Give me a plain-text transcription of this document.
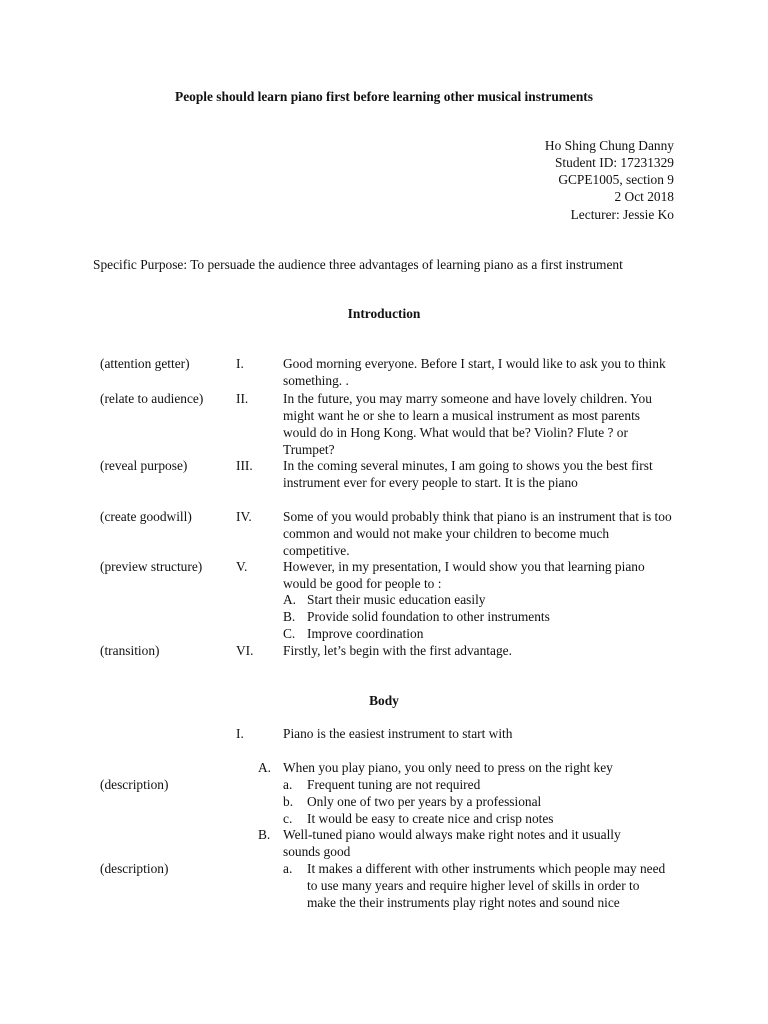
People should learn piano first before learning other musical instruments
Ho Shing Chung Danny
Student ID: 17231329
GCPE1005, section 9
2 Oct 2018
Lecturer: Jessie Ko
Specific Purpose: To persuade the audience three advantages of learning piano as a first instrument
Introduction
(attention getter)	I.	Good morning everyone. Before I start, I would like to ask you to think something. .
(relate to audience) II.	In the future, you may marry someone and have lovely children. You might want he or she to learn a musical instrument as most parents would do in Hong Kong. What would that be? Violin? Flute ? or Trumpet?
(reveal purpose)	III. In the coming several minutes, I am going to shows you the best first instrument ever for every people to start. It is the piano
(create goodwill)	IV. Some of you would probably think that piano is an instrument that is too common and would not make your children to become much competitive.
(preview structure)	V.	However, in my presentation, I would show you that learning piano would be good for people to :
A. Start their music education easily
B. Provide solid foundation to other instruments
C. Improve coordination
(transition)	VI. Firstly, let’s begin with the first advantage.
Body
I.	Piano is the easiest instrument to start with
A. When you play piano, you only need to press on the right key
(description)	a.	Frequent tuning are not required
b.	Only one of two per years by a professional
c.	It would be easy to create nice and crisp notes
B. Well-tuned piano would always make right notes and it usually sounds good
(description)	a.	It makes a different with other instruments which people may need to use many years and require higher level of skills in order to make the their instruments play right notes and sound nice
